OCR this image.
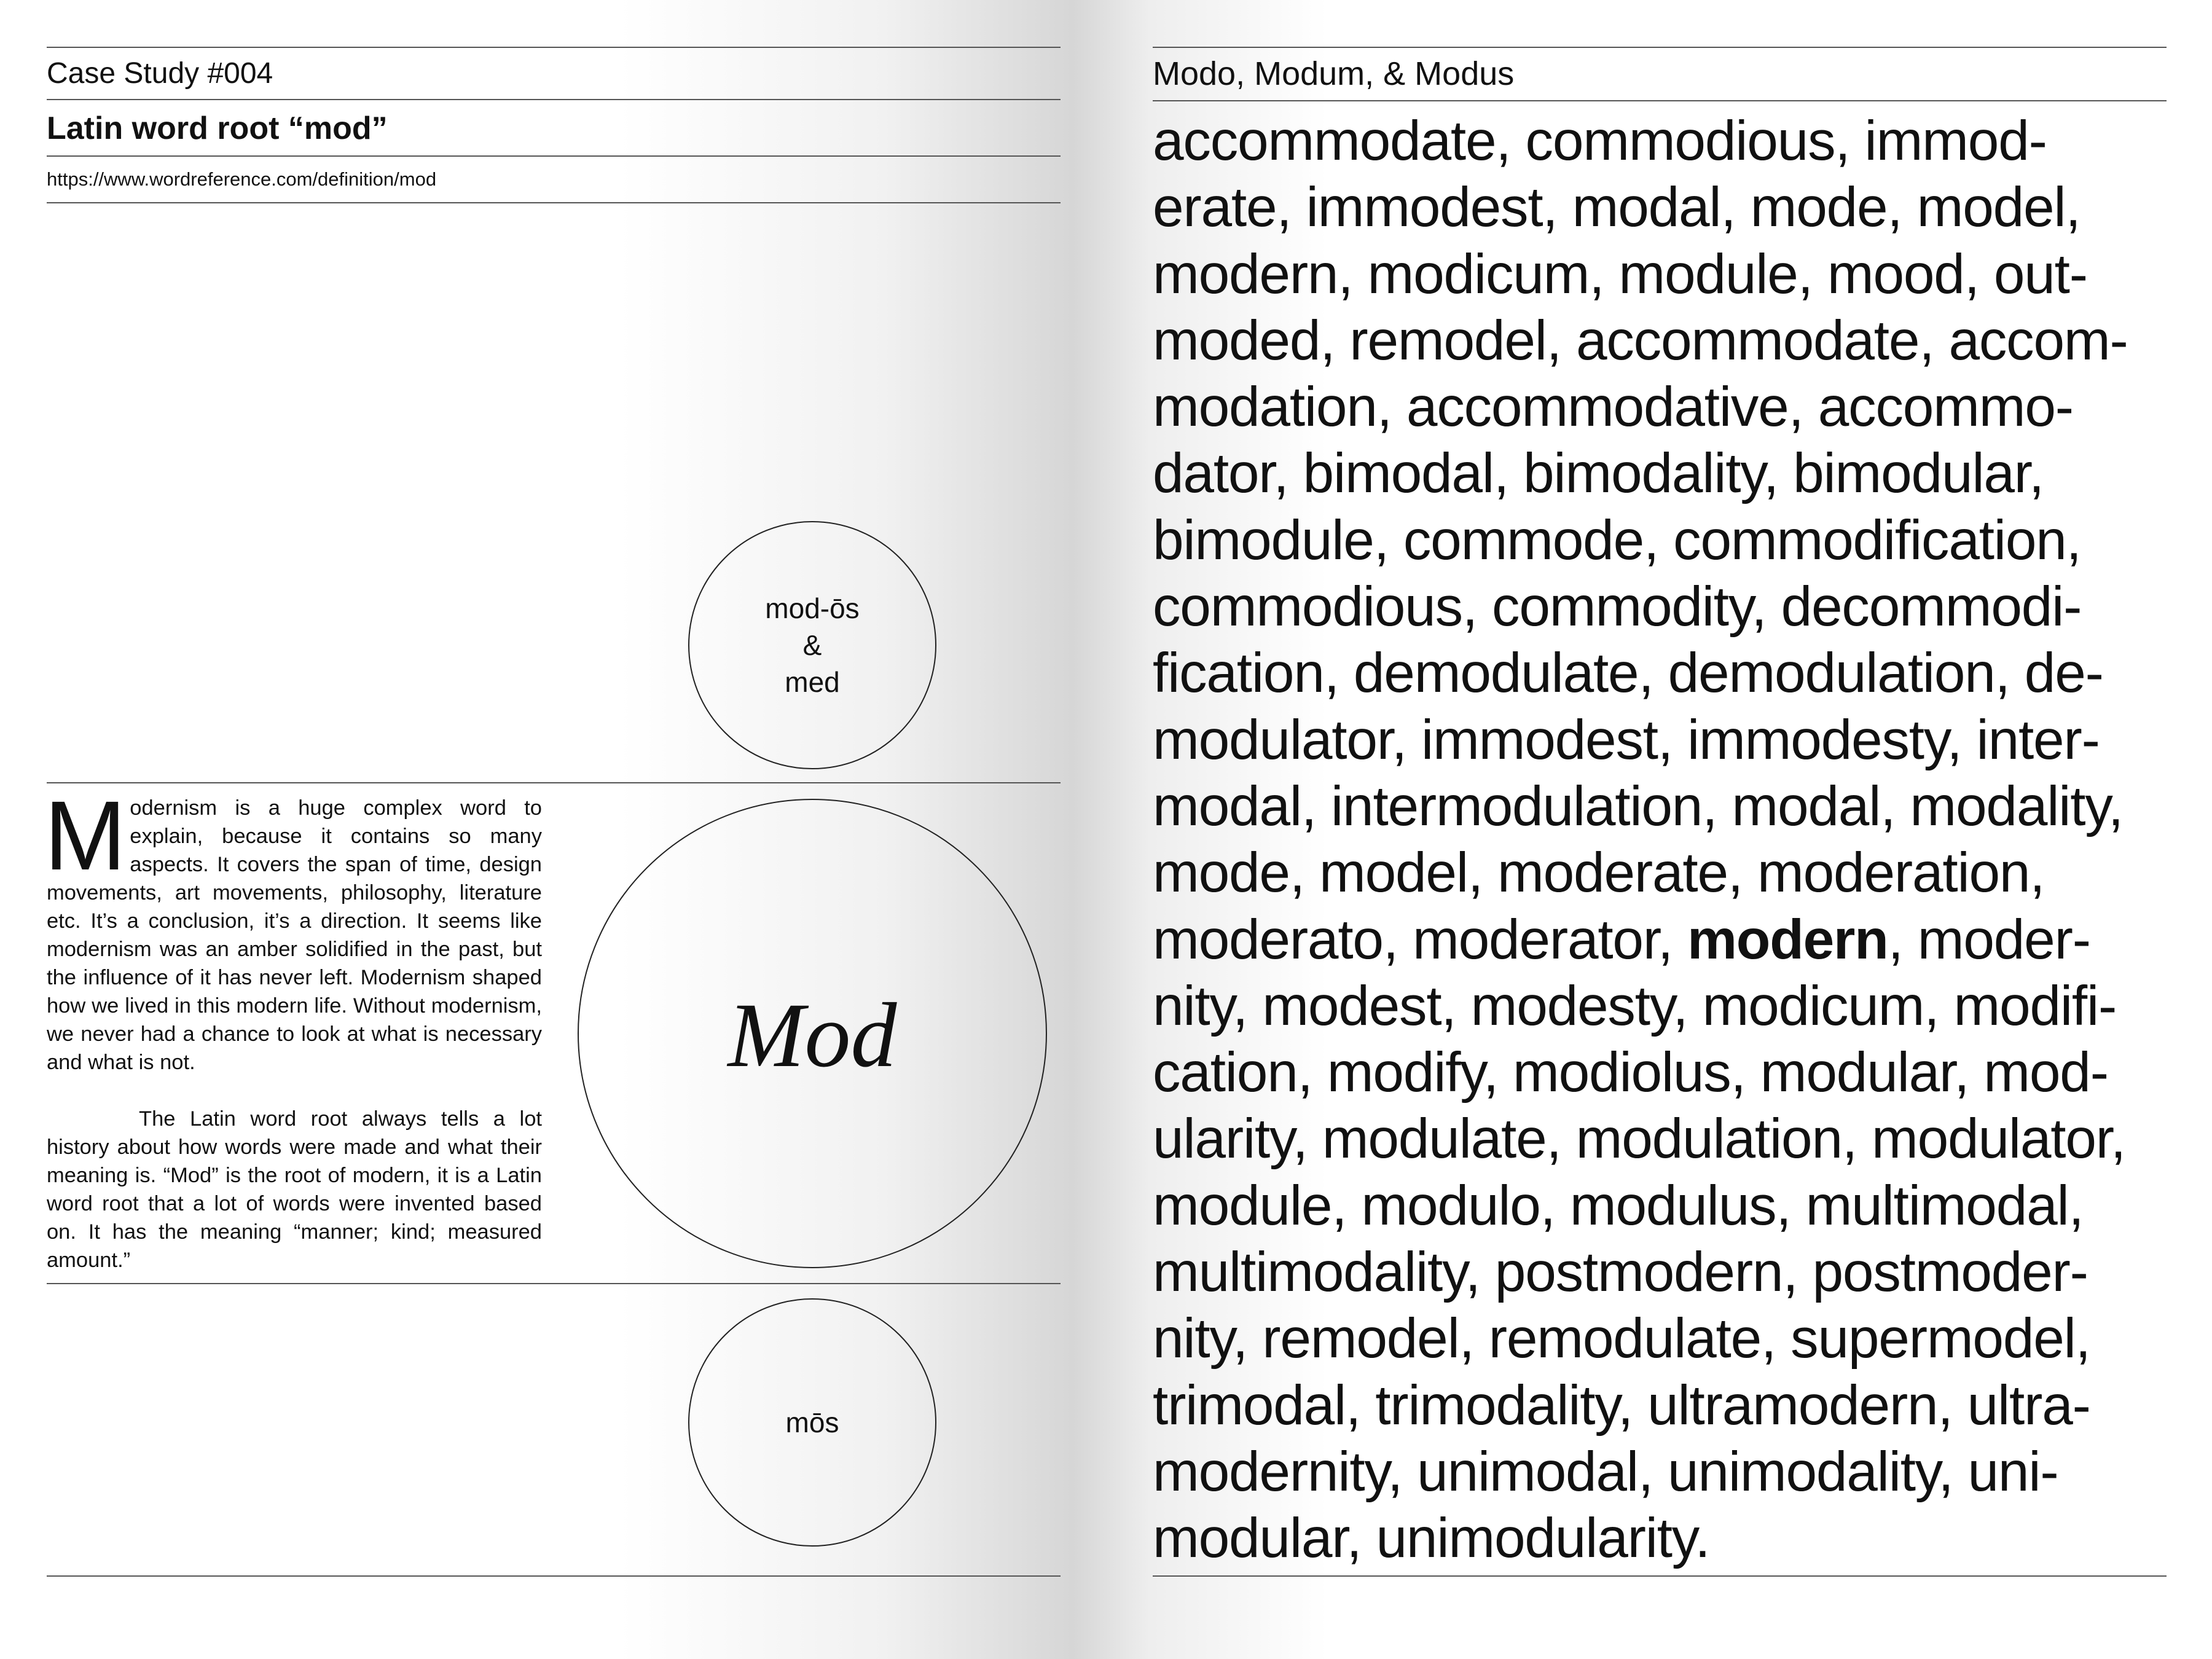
Case Study #004
Latin word root “mod”
https://www.wordreference.com/definition/mod
mod-ōs
&
med
Mod

Modernism is a huge complex word to explain, because it contains so many aspects. It covers the span of time, design movements, art movements, philosophy, literature etc. It’s a conclusion, it’s a direction. It seems like modernism was an amber solidified in the past, but the influence of it has never left. Modernism shaped how we lived in this modern life. Without modernism, we never had a chance to look at what is necessary and what is not.

The Latin word root always tells a lot history about how words were made and what their meaning is. “Mod” is the root of modern, it is a Latin word root that a lot of words were invented based on. It has the meaning “manner; kind; measured amount.”

mōs
Modo, Modum, & Modus
accommodate, commodious, immod-
erate, immodest, modal, mode, model,
modern, modicum, module, mood, out-
moded, remodel, accommodate, accom-
modation, accommodative, accommo-
dator, bimodal, bimodality, bimodular,
bimodule, commode, commodification,
commodious, commodity, decommodi-
fication, demodulate, demodulation, de-
modulator, immodest, immodesty, inter-
modal, intermodulation, modal, modality,
mode, model, moderate, moderation,
moderato, moderator, modern, moder-
nity, modest, modesty, modicum, modifi-
cation, modify, modiolus, modular, mod-
ularity, modulate, modulation, modulator,
module, modulo, modulus, multimodal,
multimodality, postmodern, postmoder-
nity, remodel, remodulate, supermodel,
trimodal, trimodality, ultramodern, ultra-
modernity, unimodal, unimodality, uni-
modular, unimodularity.
